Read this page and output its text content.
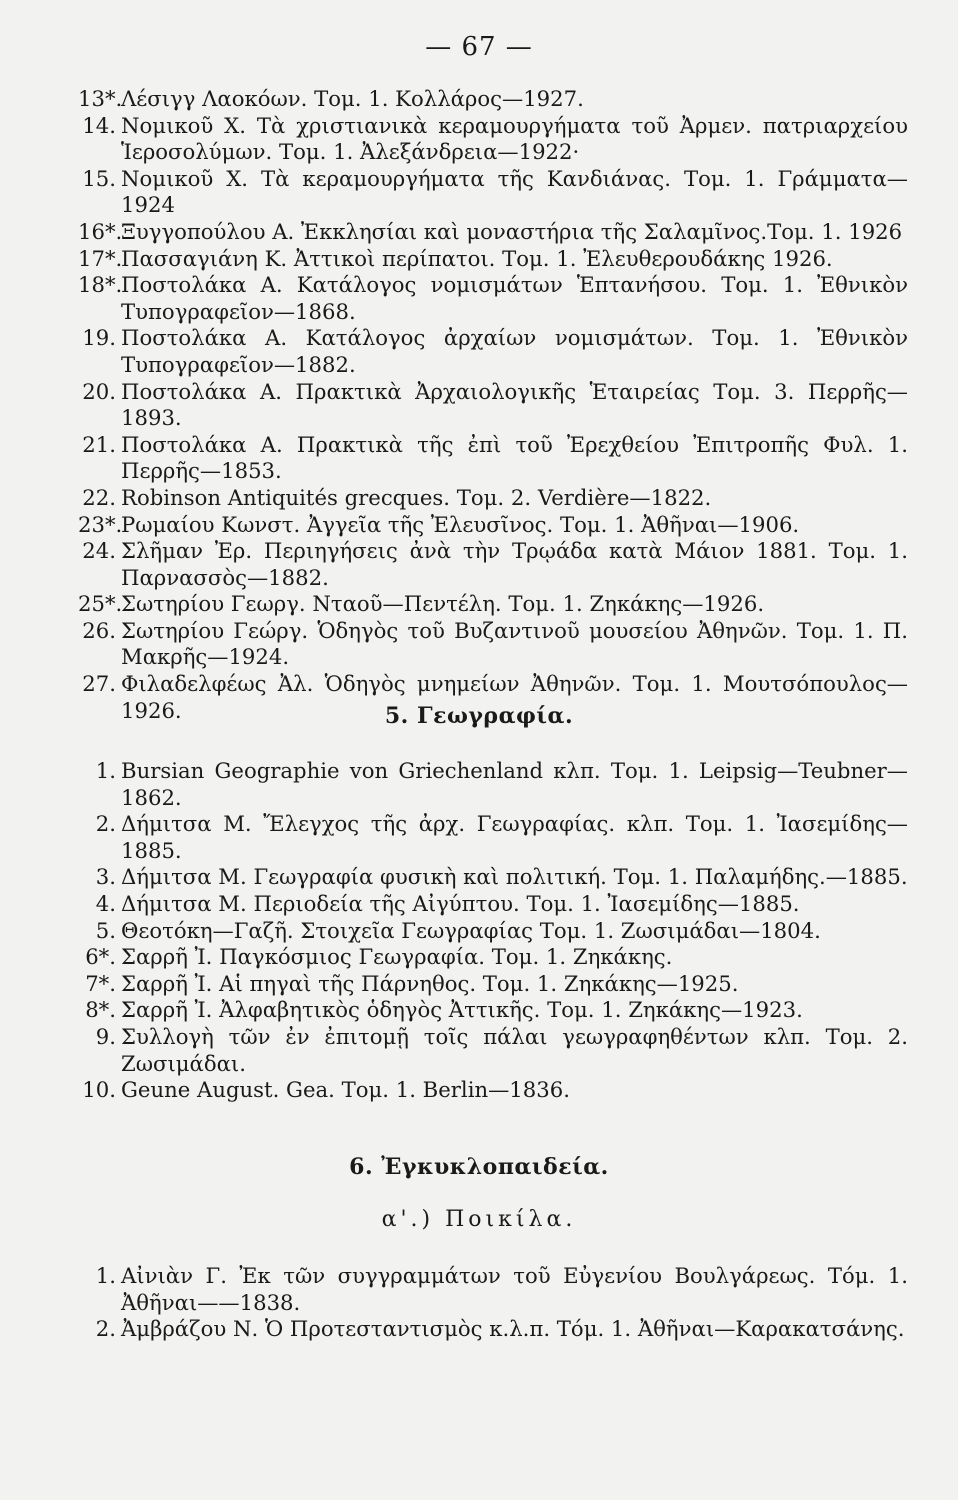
— 67 —
13*.
Λέσιγγ Λαοκόων. Τομ. 1. Κολλάρος—1927.
14. Νομικοῦ Χ. Τὰ χριστιανικὰ κεραμουργήματα τοῦ Ἀρμεν. πατριαρχείου Ἱεροσολύμων. Τομ. 1. Ἀλεξάνδρεια—1922·
15. Νομικοῦ Χ. Τὰ κεραμουργήματα τῆς Κανδιάνας. Τομ. 1. Γράμματα—1924
16*.
Ξυγγοπούλου Α. Ἐκκλησίαι καὶ μοναστήρια τῆς Σαλαμῖνος.Τομ. 1. 1926
17*.
Πασσαγιάνη Κ. Ἀττικοὶ περίπατοι. Τομ. 1. Ἐλευθερουδάκης 1926.
18*.
Ποστολάκα Α. Κατάλογος νομισμάτων Ἑπτανήσου. Τομ. 1. Ἐθνικὸν Τυπογραφεῖον—1868.
19. Ποστολάκα Α. Κατάλογος ἀρχαίων νομισμάτων. Τομ. 1. Ἐθνικὸν Τυπογραφεῖον—1882.
20. Ποστολάκα Α. Πρακτικὰ Ἀρχαιολογικῆς Ἑταιρείας Τομ. 3. Περρῆς—1893.
21. Ποστολάκα Α. Πρακτικὰ τῆς ἐπὶ τοῦ Ἐρεχθείου Ἐπιτροπῆς Φυλ. 1. Περρῆς—1853.
22. Robinson Antiquités grecques. Τομ. 2. Verdière—1822.
23*.
Ρωμαίου Κωνστ. Ἀγγεῖα τῆς Ἐλευσῖνος. Τομ. 1. Ἀθῆναι—1906.
24. Σλῆμαν Ἐρ. Περιηγήσεις ἀνὰ τὴν Τρῳάδα κατὰ Μάιον 1881. Τομ. 1. Παρνασσὸς—1882.
25*.
Σωτηρίου Γεωργ. Νταοῦ—Πεντέλη. Τομ. 1. Ζηκάκης—1926.
26. Σωτηρίου Γεώργ. Ὁδηγὸς τοῦ Βυζαντινοῦ μουσείου Ἀθηνῶν. Τομ. 1. Π. Μακρῆς—1924.
27. Φιλαδελφέως Ἀλ. Ὁδηγὸς μνημείων Ἀθηνῶν. Τομ. 1. Μουτσόπουλος—1926.	5. Γεωγραφία.
1. Bursian Geographie von Griechenland κλπ. Τομ. 1. Leipsig—Teubner—1862.
2. Δήμιτσα Μ. Ἔλεγχος τῆς ἀρχ. Γεωγραφίας. κλπ. Τομ. 1. Ἰασεμίδης—1885.
3. Δήμιτσα Μ. Γεωγραφία φυσικὴ καὶ πολιτική. Τομ. 1. Παλαμήδης.—1885.
4. Δήμιτσα Μ. Περιοδεία τῆς Αἰγύπτου. Τομ. 1. Ἰασεμίδης—1885.
5. Θεοτόκη—Γαζῆ. Στοιχεῖα Γεωγραφίας Τομ. 1. Ζωσιμάδαι—1804.
6*. Σαρρῆ Ἰ. Παγκόσμιος Γεωγραφία. Τομ. 1. Ζηκάκης.
7*. Σαρρῆ Ἰ. Αἱ πηγαὶ τῆς Πάρνηθος. Τομ. 1. Ζηκάκης—1925.
8*. Σαρρῆ Ἰ. Ἀλφαβητικὸς ὁδηγὸς Ἀττικῆς. Τομ. 1. Ζηκάκης—1923.
9. Συλλογὴ τῶν ἐν ἐπιτομῇ τοῖς πάλαι γεωγραφηθέντων κλπ. Τομ. 2. Ζωσιμάδαι.
10. Geune August. Gea. Τομ. 1. Berlin—1836.
6. Ἐγκυκλοπαιδεία.
α'.) Ποικίλα.
1. Αἰνιὰν Γ. Ἐκ τῶν συγγραμμάτων τοῦ Εὐγενίου Βουλγάρεως. Τόμ. 1. Ἀθῆναι——1838.
2. Ἀμβράζου Ν. Ὁ Προτεσταντισμὸς κ.λ.π. Τόμ. 1. Ἀθῆναι—Καρακατσάνης.
